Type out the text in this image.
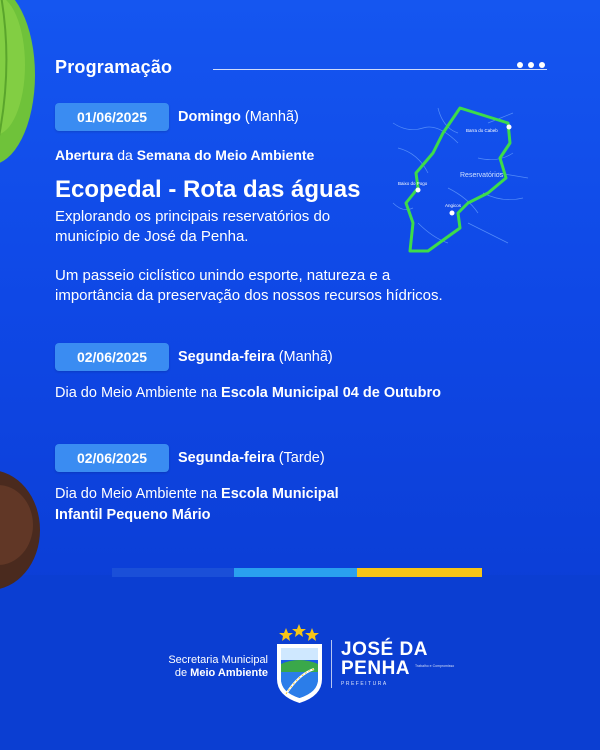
Programação
01/06/2025	Domingo (Manhã)
Abertura da Semana do Meio Ambiente
Ecopedal - Rota das águas
Explorando os principais reservatórios do
município de José da Penha.
Um passeio ciclístico unindo esporte, natureza e a
importância da preservação dos nossos recursos hídricos.
Reservatórios
Barra do Cabeb
Baixo do Pogo
Angicos
02/06/2025	Segunda-feira (Manhã)
Dia do Meio Ambiente na Escola Municipal 04 de Outubro
02/06/2025	Segunda-feira (Tarde)
Dia do Meio Ambiente na Escola Municipal
Infantil Pequeno Mário
Secretaria Municipal
de Meio Ambiente
JOSÉ DA
PENHA
PREFEITURA
Trabalho e Compromisso
